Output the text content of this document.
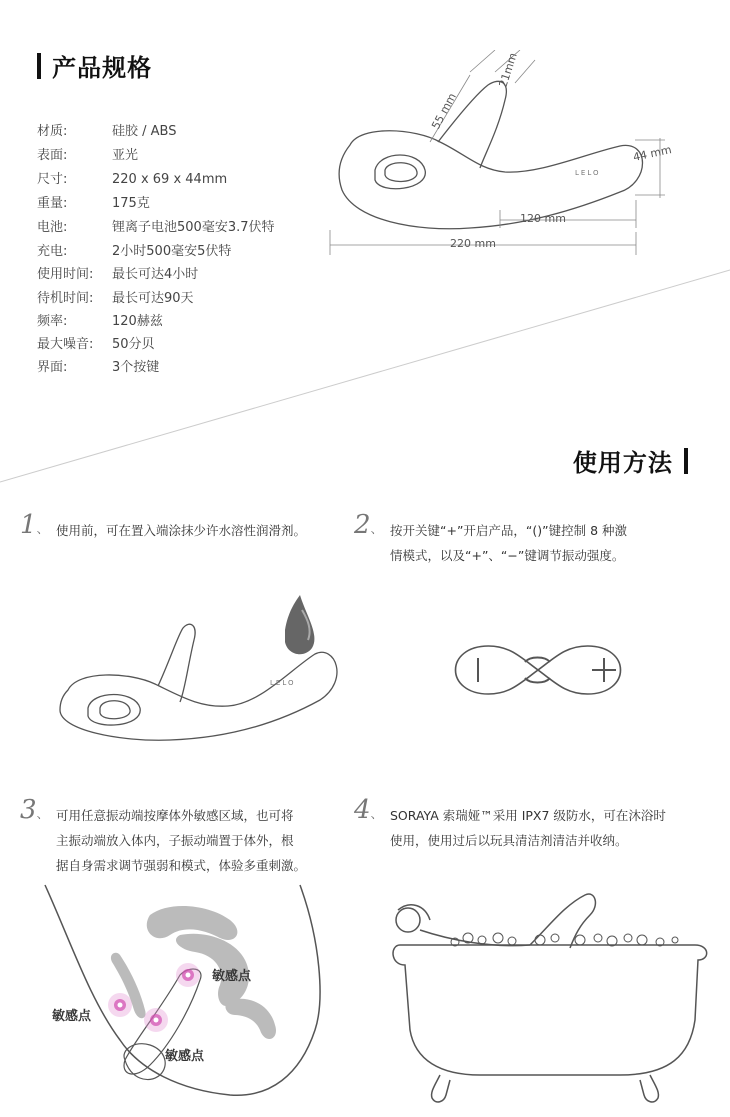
产品规格
材质:	硅胶 / ABS
表面:	亚光
尺寸:	220 x 69 x 44mm
重量:	175克
电池:	锂离子电池500毫安3.7伏特
充电:	2小时500毫安5伏特
使用时间:	最长可达4小时
待机时间:	最长可达90天
频率:	120赫兹
最大噪音:	50分贝
界面:	3个按键
LELO
55 mm
21mm
44 mm
120 mm
220 mm
使用方法
1、 使用前，可在置入端涂抹少许水溶性润滑剂。 2、 按开关键“+”开启产品，“()”键控制 8 种激
情模式，以及“+”、“−”键调节振动强度。
LELO
3、 可用任意振动端按摩体外敏感区域，也可将
主振动端放入体内，子振动端置于体外，根
据自身需求调节强弱和模式，体验多重刺激。
4、 SORAYA 索瑞娅™采用 IPX7 级防水，可在沐浴时
使用，使用过后以玩具清洁剂清洁并收纳。
敏感点
敏感点
敏感点
